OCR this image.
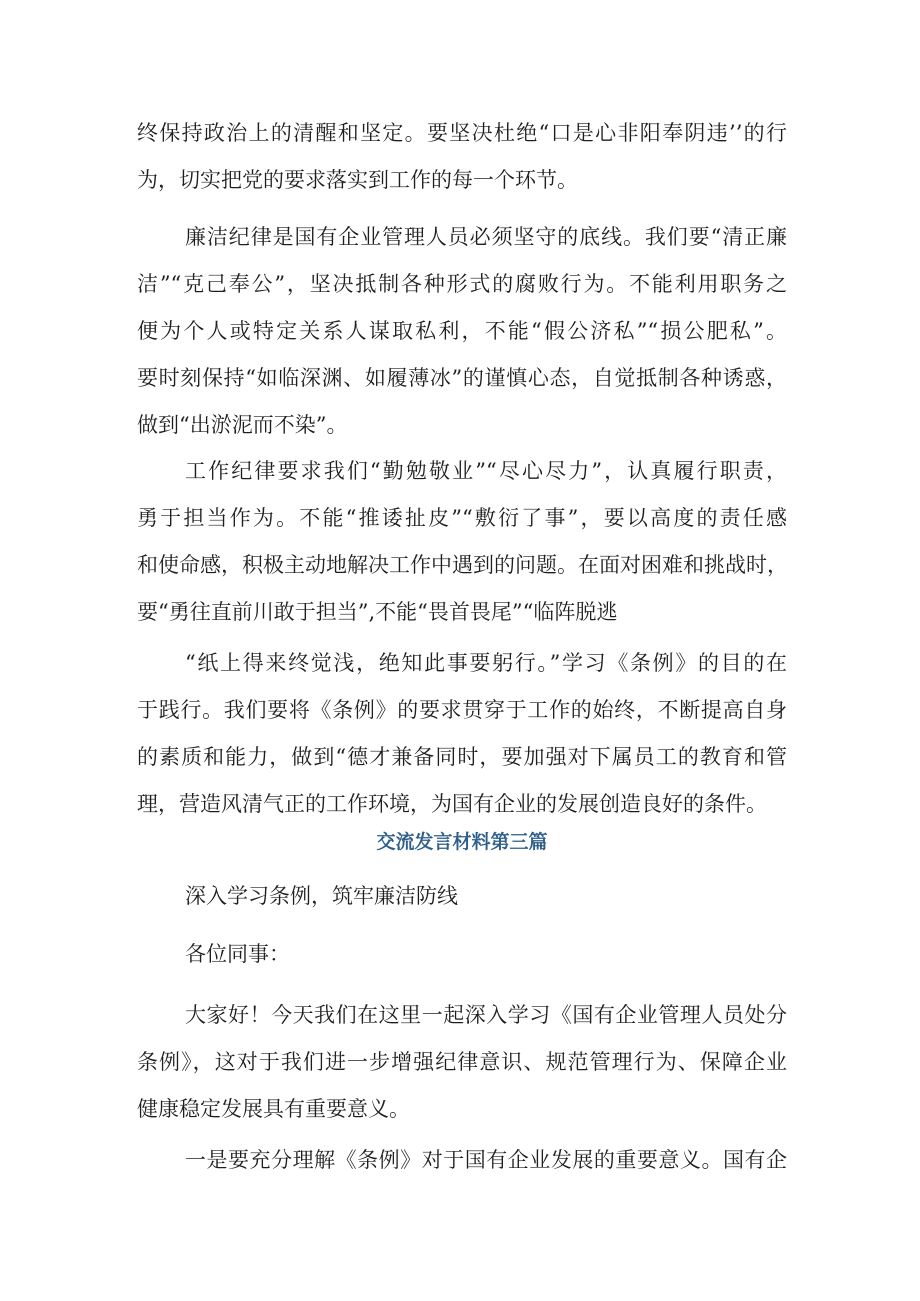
终保持政治上的清醒和坚定。要坚决杜绝“口是心非阳奉阴违’’的行
为，切实把党的要求落实到工作的每一个环节。
廉洁纪律是国有企业管理人员必须坚守的底线。我们要“清正廉
洁”“克己奉公”，坚决抵制各种形式的腐败行为。不能利用职务之
便为个人或特定关系人谋取私利，不能“假公济私”“损公肥私”。
要时刻保持“如临深渊、如履薄冰”的谨慎心态，自觉抵制各种诱惑，
做到“出淤泥而不染”。
工作纪律要求我们“勤勉敬业”“尽心尽力”，认真履行职责，
勇于担当作为。不能“推诿扯皮”“敷衍了事”，要以高度的责任感
和使命感，积极主动地解决工作中遇到的问题。在面对困难和挑战时，
要“勇往直前川敢于担当”,不能“畏首畏尾”“临阵脱逃
“纸上得来终觉浅，绝知此事要躬行。”学习《条例》的目的在
于践行。我们要将《条例》的要求贯穿于工作的始终，不断提高自身
的素质和能力，做到“德才兼备同时，要加强对下属员工的教育和管
理，营造风清气正的工作环境，为国有企业的发展创造良好的条件。
交流发言材料第三篇
深入学习条例，筑牢廉洁防线
各位同事：
大家好！今天我们在这里一起深入学习《国有企业管理人员处分
条例》，这对于我们进一步增强纪律意识、规范管理行为、保障企业
健康稳定发展具有重要意义。
一是要充分理解《条例》对于国有企业发展的重要意义。国有企
